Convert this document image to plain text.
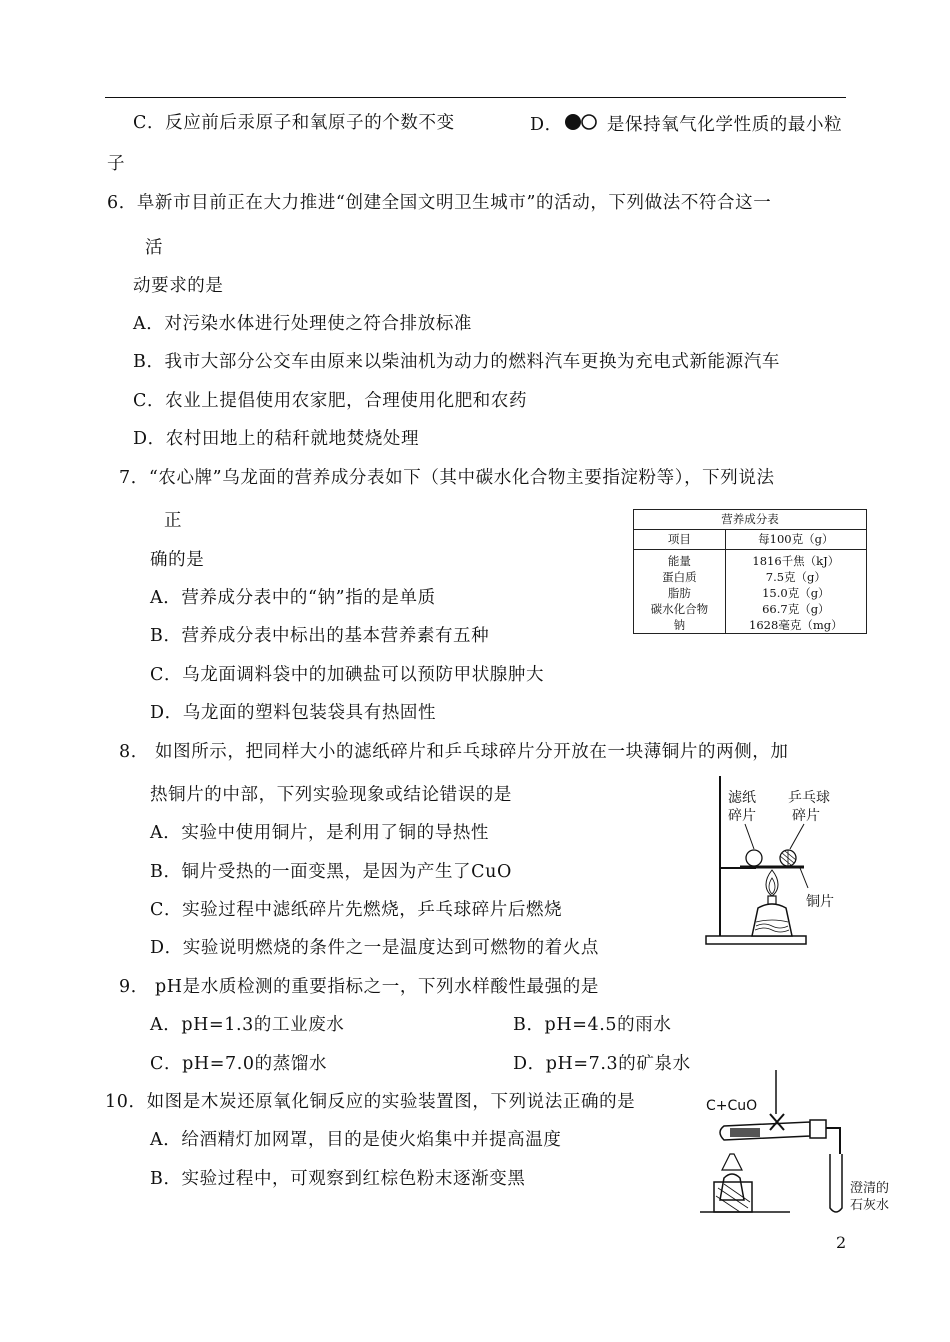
C．反应前后汞原子和氧原子的个数不变	D．	是保持氧气化学性质的最小粒
子
6．阜新市目前正在大力推进“创建全国文明卫生城市”的活动，下列做法不符合这一
活
动要求的是
A．对污染水体进行处理使之符合排放标准
B．我市大部分公交车由原来以柴油机为动力的燃料汽车更换为充电式新能源汽车
C．农业上提倡使用农家肥，合理使用化肥和农药
D．农村田地上的秸秆就地焚烧处理
7．“农心牌”乌龙面的营养成分表如下（其中碳水化合物主要指淀粉等），下列说法
正
确的是
A．营养成分表中的“钠”指的是单质
B．营养成分表中标出的基本营养素有五种
C．乌龙面调料袋中的加碘盐可以预防甲状腺肿大
D．乌龙面的塑料包装袋具有热固性
营养成分表	
项目	每100克（g）
能量	1816千焦（kJ）
蛋白质	7.5克（g）
脂肪	15.0克（g）
碳水化合物	66.7克（g）
钠	1628毫克（mg）
8． 如图所示，把同样大小的滤纸碎片和乒乓球碎片分开放在一块薄铜片的两侧，加
热铜片的中部，下列实验现象或结论错误的是
A．实验中使用铜片，是利用了铜的导热性
B．铜片受热的一面变黑，是因为产生了CuO
C．实验过程中滤纸碎片先燃烧，乒乓球碎片后燃烧
D．实验说明燃烧的条件之一是温度达到可燃物的着火点
滤纸
碎片
乒乓球
碎片
铜片
9． pH是水质检测的重要指标之一，下列水样酸性最强的是
A．pH=1.3的工业废水	B．pH=4.5的雨水
C．pH=7.0的蒸馏水	D．pH=7.3的矿泉水
10．如图是木炭还原氧化铜反应的实验装置图，下列说法正确的是
A．给酒精灯加网罩，目的是使火焰集中并提高温度
B．实验过程中，可观察到红棕色粉末逐渐变黑
C+CuO
澄清的
石灰水
2
